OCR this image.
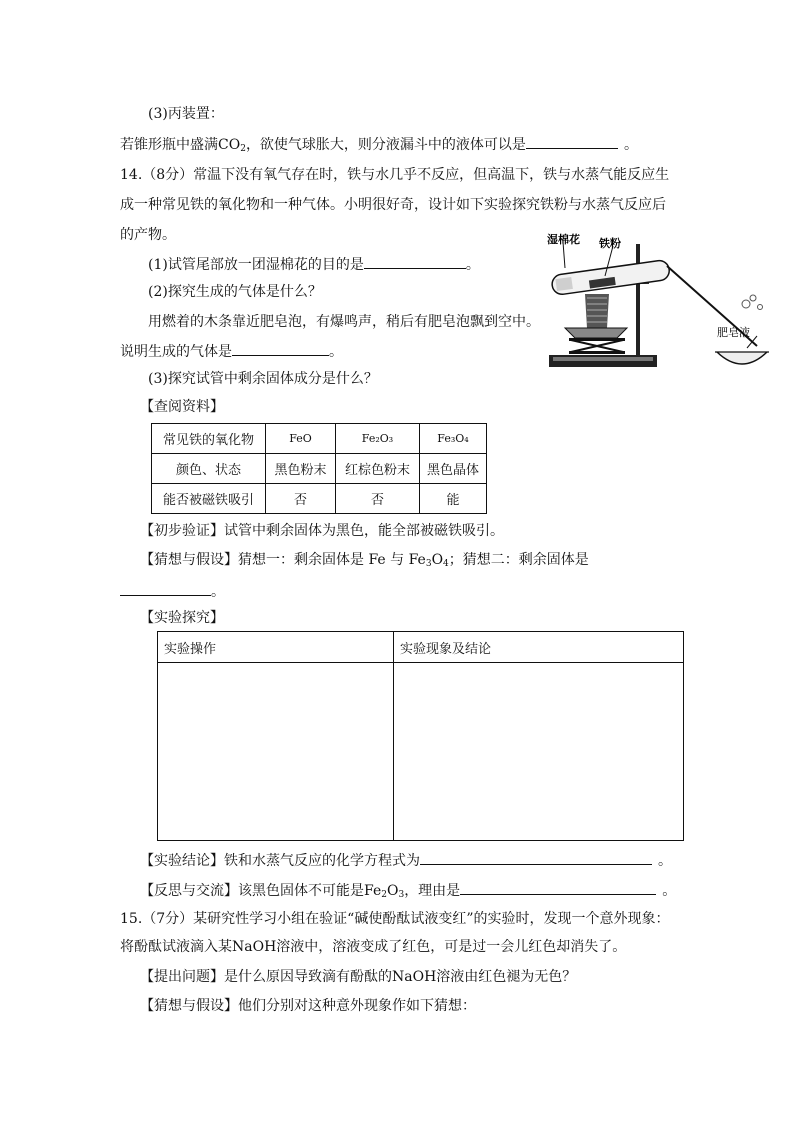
(3)丙装置：
若锥形瓶中盛满$CO_2$，欲使气球胀大，则分液漏斗中的液体可以是	。
14.（8分）常温下没有氧气存在时，铁与水几乎不反应，但高温下，铁与水蒸气能反应生
成一种常见铁的氧化物和一种气体。小明很好奇，设计如下实验探究铁粉与水蒸气反应后
的产物。
(1)试管尾部放一团湿棉花的目的是	。
(2)探究生成的气体是什么？
用燃着的木条靠近肥皂泡，有爆鸣声，稍后有肥皂泡飘到空中。
说明生成的气体是	。
(3)探究试管中剩余固体成分是什么？
【查阅资料】
湿棉花 铁粉
肥皂液
常见铁的氧化物	FeO	Fe₂O₃	Fe₃O₄
颜色、状态	黑色粉末	红棕色粉末	黑色晶体
能否被磁铁吸引	否	否	能
【初步验证】试管中剩余固体为黑色，能全部被磁铁吸引。
【猜想与假设】猜想一：剩余固体是 Fe 与 $Fe_3O_4$；猜想二：剩余固体是
。
【实验探究】
实验操作	实验现象及结论

【实验结论】铁和水蒸气反应的化学方程式为	。
【反思与交流】该黑色固体不可能是$Fe_2O_3$，理由是	。
15.（7分）某研究性学习小组在验证“碱使酚酞试液变红”的实验时，发现一个意外现象：
将酚酞试液滴入某NaOH溶液中，溶液变成了红色，可是过一会儿红色却消失了。
【提出问题】是什么原因导致滴有酚酞的NaOH溶液由红色褪为无色？
【猜想与假设】他们分别对这种意外现象作如下猜想：
